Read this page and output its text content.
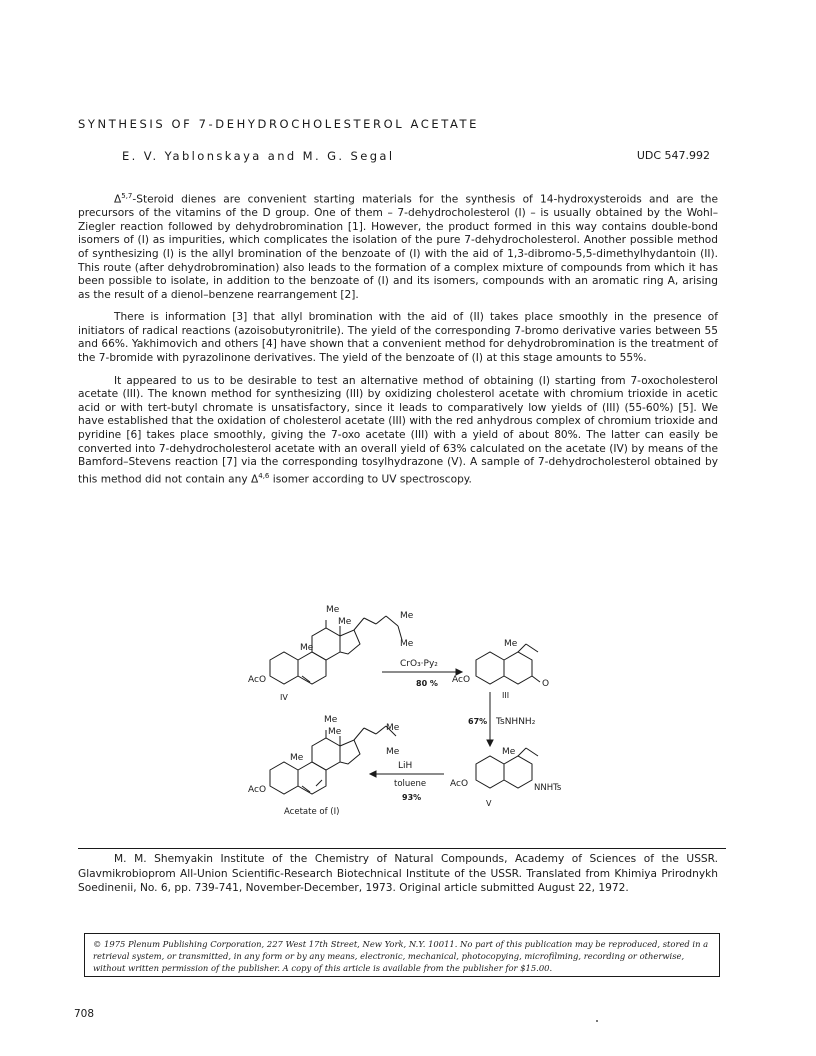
SYNTHESIS OF 7-DEHYDROCHOLESTEROL ACETATE
E. V. Yablonskaya and M. G. Segal	UDC 547.992

Δ$^{5,7}$-Steroid dienes are convenient starting materials for the synthesis of 14-hydroxysteroids and are the precursors of the vitamins of the D group. One of them – 7-dehydrocholesterol (I) – is usually obtained by the Wohl–Ziegler reaction followed by dehydrobromination [1]. However, the product formed in this way contains double-bond isomers of (I) as impurities, which complicates the isolation of the pure 7-dehydrocholesterol. Another possible method of synthesizing (I) is the allyl bromination of the benzoate of (I) with the aid of 1,3-dibromo-5,5-dimethylhydantoin (II). This route (after dehydrobromination) also leads to the formation of a complex mixture of compounds from which it has been possible to isolate, in addition to the benzoate of (I) and its isomers, compounds with an aromatic ring A, arising as the result of a dienol–benzene rearrangement [2].

There is information [3] that allyl bromination with the aid of (II) takes place smoothly in the presence of initiators of radical reactions (azoisobutyronitrile). The yield of the corresponding 7-bromo derivative varies between 55 and 66%. Yakhimovich and others [4] have shown that a convenient method for dehydrobromination is the treatment of the 7-bromide with pyrazolinone derivatives. The yield of the benzoate of (I) at this stage amounts to 55%.

It appeared to us to be desirable to test an alternative method of obtaining (I) starting from 7-oxocholesterol acetate (III). The known method for synthesizing (III) by oxidizing cholesterol acetate with chromium trioxide in acetic acid or with tert-butyl chromate is unsatisfactory, since it leads to comparatively low yields of (III) (55-60%) [5]. We have established that the oxidation of cholesterol acetate (III) with the red anhydrous complex of chromium trioxide and pyridine [6] takes place smoothly, giving the 7-oxo acetate (III) with a yield of about 80%. The latter can easily be converted into 7-dehydrocholesterol acetate with an overall yield of 63% calculated on the acetate (IV) by means of the Bamford–Stevens reaction [7] via the corresponding tosylhydrazone (V). A sample of 7-dehydrocholesterol obtained by this method did not contain any Δ$^{4,6}$ isomer according to UV spectroscopy.

Me
Me
Me
Me
Me
AcO
IV
CrO₃·Py₂
80 %
Me
AcO	O
III
67% TsNHNH₂
Me
Me
Me
Me
Me
AcO
Acetate of (I)
LiH
toluene
93%
Me
AcO	NNHTs
V
M. M. Shemyakin Institute of the Chemistry of Natural Compounds, Academy of Sciences of the USSR. Glavmikrobioprom All-Union Scientific-Research Biotechnical Institute of the USSR. Translated from Khimiya Prirodnykh Soedinenii, No. 6, pp. 739-741, November-December, 1973. Original article submitted August 22, 1972.
© 1975 Plenum Publishing Corporation, 227 West 17th Street, New York, N.Y. 10011. No part of this publication may be reproduced, stored in a retrieval system, or transmitted, in any form or by any means, electronic, mechanical, photocopying, microfilming, recording or otherwise, without written permission of the publisher. A copy of this article is available from the publisher for $15.00.
708
